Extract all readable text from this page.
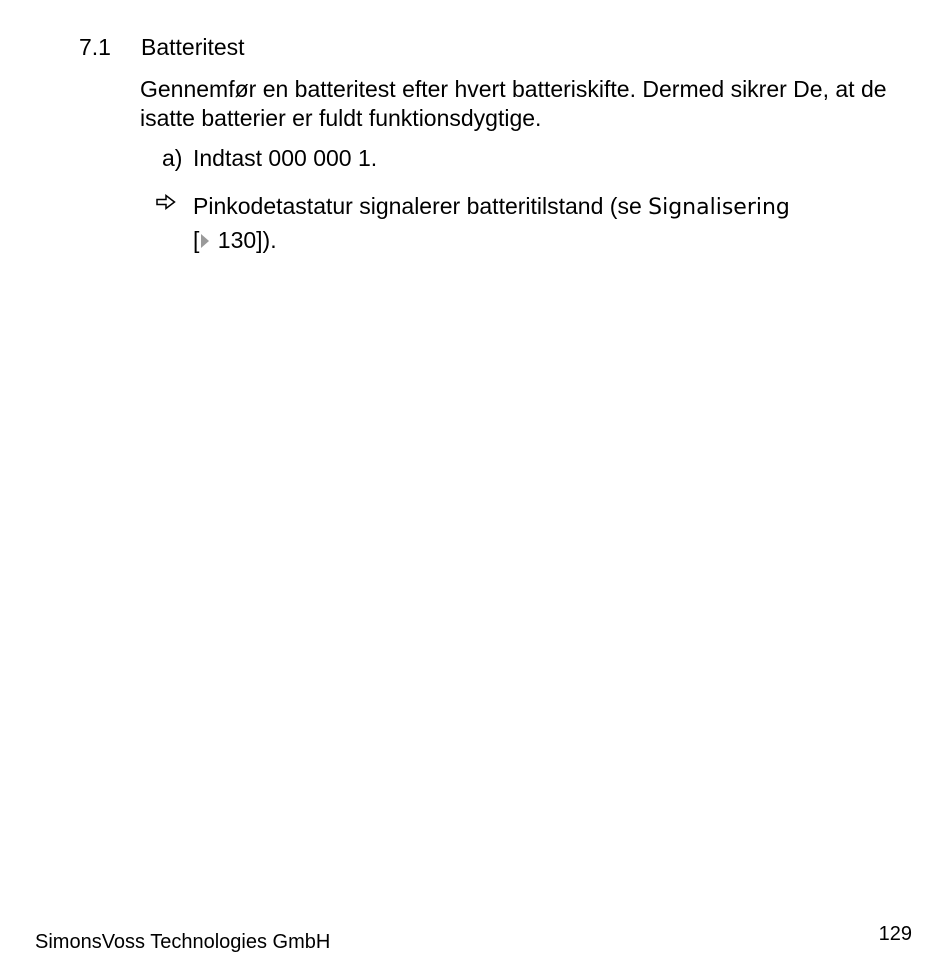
7.1 Batteritest

Gennemfør en batteritest efter hvert batteriskifte. Dermed sikrer De, at de isatte batterier er fuldt funktionsdygtige.

a) Indtast 000 000 1.

Pinkodetastatur signalerer batteritilstand (se Signalisering
[ 130]).

SimonsVoss Technologies GmbH	129
